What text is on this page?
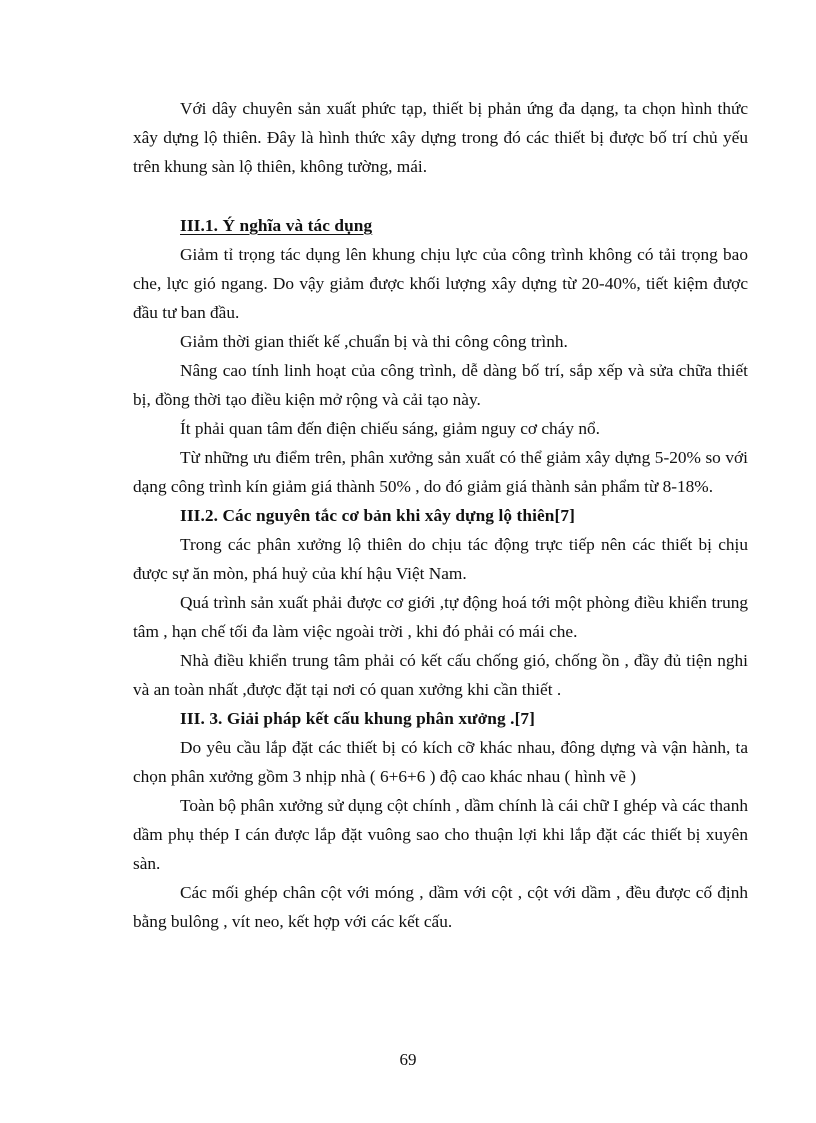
Với dây chuyên sản xuất phức tạp, thiết bị phản ứng đa dạng, ta chọn hình thức xây dựng lộ thiên. Đây là hình thức xây dựng trong đó các thiết bị được bố trí chủ yếu trên khung sàn lộ thiên, không tường, mái.

III.1. Ý nghĩa và tác dụng

Giảm tỉ trọng tác dụng lên khung chịu lực của công trình không có tải trọng bao che, lực gió ngang. Do vậy giảm được khối lượng xây dựng từ 20-40%, tiết kiệm được đầu tư ban đầu.

Giảm thời gian thiết kế ,chuẩn bị và thi công công trình.

Nâng cao tính linh hoạt của công trình, dễ dàng bố trí, sắp xếp và sửa chữa thiết bị, đồng thời tạo điều kiện mở rộng và cải tạo này.

Ít phải quan tâm đến điện chiếu sáng, giảm nguy cơ cháy nổ.

Từ những ưu điểm trên, phân xưởng sản xuất có thể giảm xây dựng 5-20% so với dạng công trình kín giảm giá thành 50% , do đó giảm giá thành sản phẩm từ 8-18%.

III.2. Các nguyên tắc cơ bản khi xây dựng lộ thiên[7]

Trong các phân xưởng lộ thiên do chịu tác động trực tiếp nên các thiết bị chịu được sự ăn mòn, phá huỷ của khí hậu Việt Nam.

Quá trình sản xuất phải được cơ giới ,tự động hoá tới một phòng điều khiển trung tâm , hạn chế tối đa làm việc ngoài trời , khi đó phải có mái che.

Nhà điều khiển trung tâm phải có kết cấu chống gió, chống ồn , đầy đủ tiện nghi và an toàn nhất ,được đặt tại nơi có quan xưởng khi cần thiết .

III. 3. Giải pháp kết cấu khung phân xưởng .[7]

Do yêu cầu lắp đặt các thiết bị có kích cỡ khác nhau, đông dựng và vận hành, ta chọn phân xưởng gồm 3 nhịp nhà ( 6+6+6 ) độ cao khác nhau ( hình vẽ )

Toàn bộ phân xưởng sử dụng cột chính , dầm chính là cái chữ I ghép và các thanh dầm phụ thép I cán được lắp đặt vuông sao cho thuận lợi khi lắp đặt các thiết bị xuyên sàn.

Các mối ghép chân cột với móng , dầm với cột , cột với dầm , đều được cố định bằng bulông , vít neo, kết hợp với các kết cấu.

69
